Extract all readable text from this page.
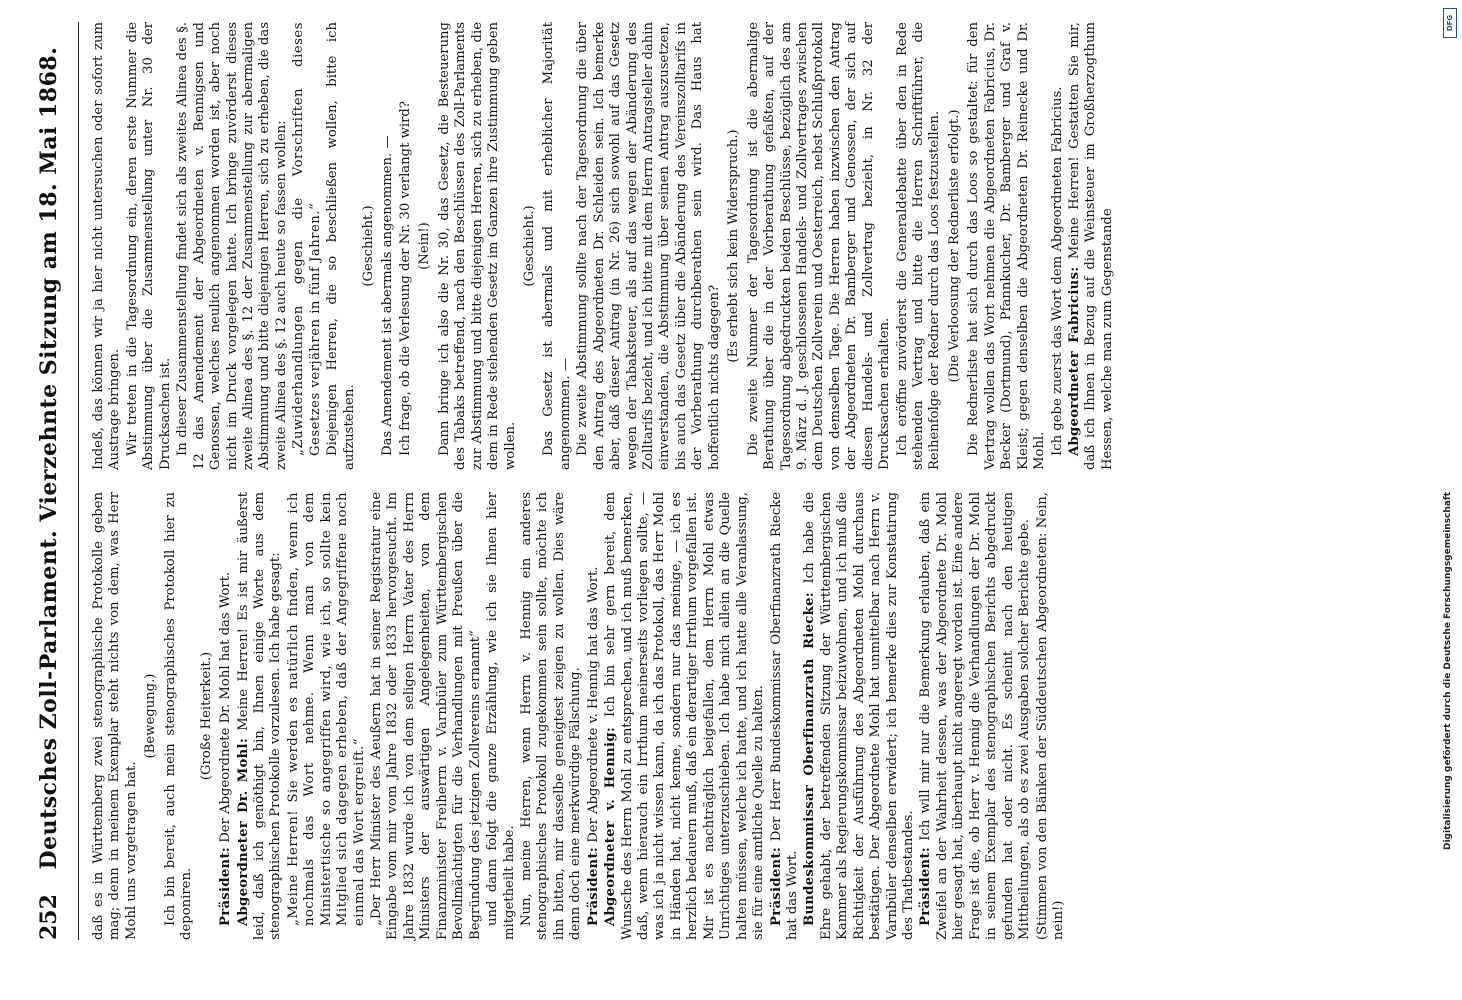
252
Deutsches Zoll-Parlament. Vierzehnte Sitzung am 18. Mai 1868. daß es in Württemberg zwei stenographische Protokolle geben mag; denn in meinem Exemplar steht nichts von dem, was Herr Mohl uns vorgetragen hat.

(Bewegung.) Ich bin bereit, auch mein stenographisches Protokoll hier zu deponiren.

(Große Heiterkeit.)

Präsident: Der Abgeordnete Dr. Mohl hat das Wort. Abgeordneter Dr. Mohl: Meine Herren! Es ist mir äußerst leid, daß ich genöthigt bin, Ihnen einige Worte aus dem stenographischen Protokolle vorzulesen. Ich habe gesagt: „Meine Herren! Sie werden es natürlich finden, wenn ich nochmals das Wort nehme. Wenn man von dem Ministertische so angegriffen wird, wie ich, so sollte kein Mitglied sich dagegen erheben, daß der Angegriffene noch einmal das Wort ergreift.“ „Der Herr Minister des Aeußern hat in seiner Registratur eine Eingabe vom mir vom Jahre 1832 oder 1833 hervorgesucht. Im Jahre 1832 wurde ich von dem seligen Herrn Vater des Herrn Ministers der auswärtigen Angelegenheiten, von dem Finanzminister Freiherrn v. Varnbüler zum Württembergischen Bevollmächtigten für die Verhandlungen mit Preußen über die Begründung des jetzigen Zollvereins ernannt“ und dann folgt die ganze Erzählung, wie ich sie Ihnen hier mitgetheilt habe. Nun, meine Herren, wenn Herrn v. Hennig ein anderes stenographisches Protokoll zugekommen sein sollte, möchte ich ihn bitten, mir dasselbe geneigtest zeigen zu wollen. Dies wäre denn doch eine merkwürdige Fälschung. Präsident: Der Abgeordnete v. Hennig hat das Wort. Abgeordneter v. Hennig: Ich bin sehr gern bereit, dem Wunsche des Herrn Mohl zu entsprechen, und ich muß bemerken, daß, wenn hierauch ein Irrthum meinerseits vorliegen sollte, — was ich ja nicht wissen kann, da ich das Protokoll, das Herr Mohl in Händen hat, nicht kenne, sondern nur das meinige, — ich es herzlich bedauern muß, daß ein derartiger Irrthum vorgefallen ist. Mir ist es nachträglich beigefallen, dem Herrn Mohl etwas Unrichtiges unterzuschieben. Ich habe mich allein an die Quelle halten müssen, welche ich hatte, und ich hatte alle Veranlassung, sie für eine amtliche Quelle zu halten. Präsident: Der Herr Bundeskommissar Oberfinanzrath Riecke hat das Wort. Bundeskommissar Oberfinanzrath Riecke: Ich habe die Ehre gehabt, der betreffenden Sitzung der Württembergischen Kammer als Regierungskommissar beizuwohnen, und ich muß die Richtigkeit der Ausführung des Abgeordneten Mohl durchaus bestätigen. Der Abgeordnete Mohl hat unmittelbar nach Herrn v. Varnbüler denselben erwidert; ich bemerke dies zur Konstatirung des Thatbestandes. Präsident: Ich will mir nur die Bemerkung erlauben, daß ein Zweifel an der Wahrheit dessen, was der Abgeordnete Dr. Mohl hier gesagt hat, überhaupt nicht angeregt worden ist. Eine andere Frage ist die, ob Herr v. Hennig die Verhandlungen der Dr. Mohl in seinem Exemplar des stenographischen Berichts abgedruckt gefunden hat oder nicht. Es scheint nach den heutigen Mittheilungen, als ob es zwei Ausgaben solcher Berichte gebe. (Stimmen von den Bänken der Süddeutschen Abgeordneten: Nein, nein!)

Indeß, das können wir ja hier nicht untersuchen oder sofort zum Austrage bringen. Wir treten in die Tagesordnung ein, deren erste Nummer die Abstimmung über die Zusammenstellung unter Nr. 30 der Drucksachen ist. In dieser Zusammenstellung findet sich als zweites Alinea des §. 12 das Amendement der Abgeordneten v. Bennigsen und Genossen, welches neulich angenommen worden ist, aber noch nicht im Druck vorgelegen hatte. Ich bringe zuvörderst dieses zweite Alinea des §. 12 der Zusammenstellung zur abermaligen Abstimmung und bitte diejenigen Herren, sich zu erheben, die das zweite Alinea des §. 12 auch heute so fassen wollen: „Zuwiderhandlungen gegen die Vorschriften dieses Gesetzes verjähren in fünf Jahren.“ Diejenigen Herren, die so beschließen wollen, bitte ich aufzustehen.

(Geschieht.) Das Amendement ist abermals angenommen. — Ich frage, ob die Verlesung der Nr. 30 verlangt wird? (Nein!) Dann bringe ich also die Nr. 30, das Gesetz, die Besteuerung des Tabaks betreffend, nach den Beschlüssen des Zoll-Parlaments zur Abstimmung und bitte diejenigen Herren, sich zu erheben, die dem in Rede stehenden Gesetz im Ganzen ihre Zustimmung geben wollen.

(Geschieht.) Das Gesetz ist abermals und mit erheblicher Majorität angenommen. — Die zweite Abstimmung sollte nach der Tagesordnung die über den Antrag des Abgeordneten Dr. Schleiden sein. Ich bemerke aber, daß dieser Antrag (in Nr. 26) sich sowohl auf das Gesetz wegen der Tabaksteuer, als auf das wegen der Abänderung des Zolltarifs bezieht, und ich bitte mit dem Herrn Antragsteller dahin einverstanden, die Abstimmung über seinen Antrag auszusetzen, bis auch das Gesetz über die Abänderung des Vereinszolltarifs in der Vorberathung durchberathen sein wird. Das Haus hat hoffentlich nichts dagegen?

(Es erhebt sich kein Widerspruch.) Die zweite Nummer der Tagesordnung ist die abermalige Berathung über die in der Vorberathung gefaßten, auf der Tagesordnung abgedruckten beiden Beschlüsse, bezüglich des am 9. März d. J. geschlossenen Handels- und Zollvertrages zwischen dem Deutschen Zollverein und Oesterreich, nebst Schlußprotokoll von demselben Tage. Die Herren haben inzwischen den Antrag der Abgeordneten Dr. Bamberger und Genossen, der sich auf diesen Handels- und Zollvertrag bezieht, in Nr. 32 der Drucksachen erhalten. Ich eröffne zuvörderst die Generaldebatte über den in Rede stehenden Vertrag und bitte die Herren Schriftführer, die Reihenfolge der Redner durch das Loos festzustellen. (Die Verloosung der Rednerliste erfolgt.) Die Rednerliste hat sich durch das Loos so gestaltet: für den Vertrag wollen das Wort nehmen die Abgeordneten Fabricius, Dr. Becker (Dortmund), Pfannkucher, Dr. Bamberger und Graf v. Kleist; gegen denselben die Abgeordneten Dr. Reinecke und Dr. Mohl. Ich gebe zuerst das Wort dem Abgeordneten Fabricius. Abgeordneter Fabricius: Meine Herren! Gestatten Sie mir, daß ich Ihnen in Bezug auf die Weinsteuer im Großherzogthum Hessen, welche man zum Gegenstande

DFG
Digitalisierung gefördert durch die Deutsche Forschungsgemeinschaft
